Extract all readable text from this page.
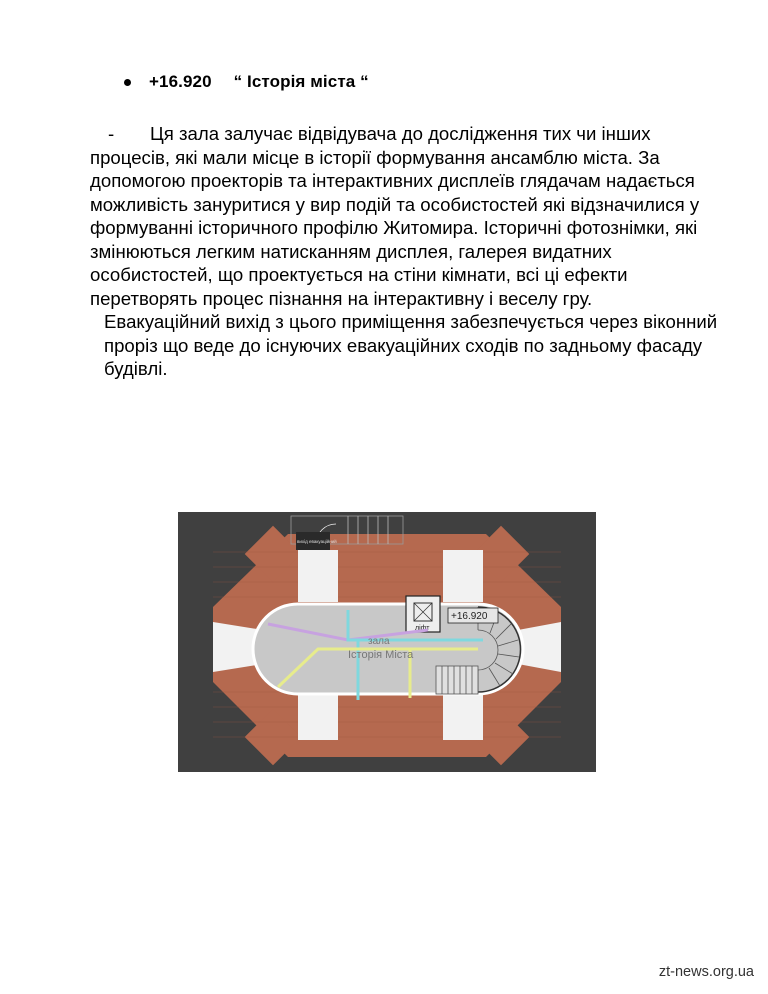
+16.920 “ Історія міста “

- Ця зала залучає відвідувача до дослідження тих чи інших процесів, які мали місце в історії формування ансамблю міста. За допомогою проекторів та інтерактивних дисплеїв глядачам надається можливість зануритися у вир подій та особистостей які відзначилися у формуванні історичного профілю Житомира. Історичні фотознімки, які змінюються легким натисканням дисплея, галерея видатних особистостей, що проектується на стіни кімнати, всі ці ефекти перетворять процес пізнання на інтерактивну і веселу гру.

Евакуаційний вихід з цього приміщення забезпечується через віконний проріз що веде до існуючих евакуаційних сходів по задньому фасаду будівлі.

ліфт
+16.920
вихід евакуаційний
зала
Історія Міста
zt-news.org.ua
